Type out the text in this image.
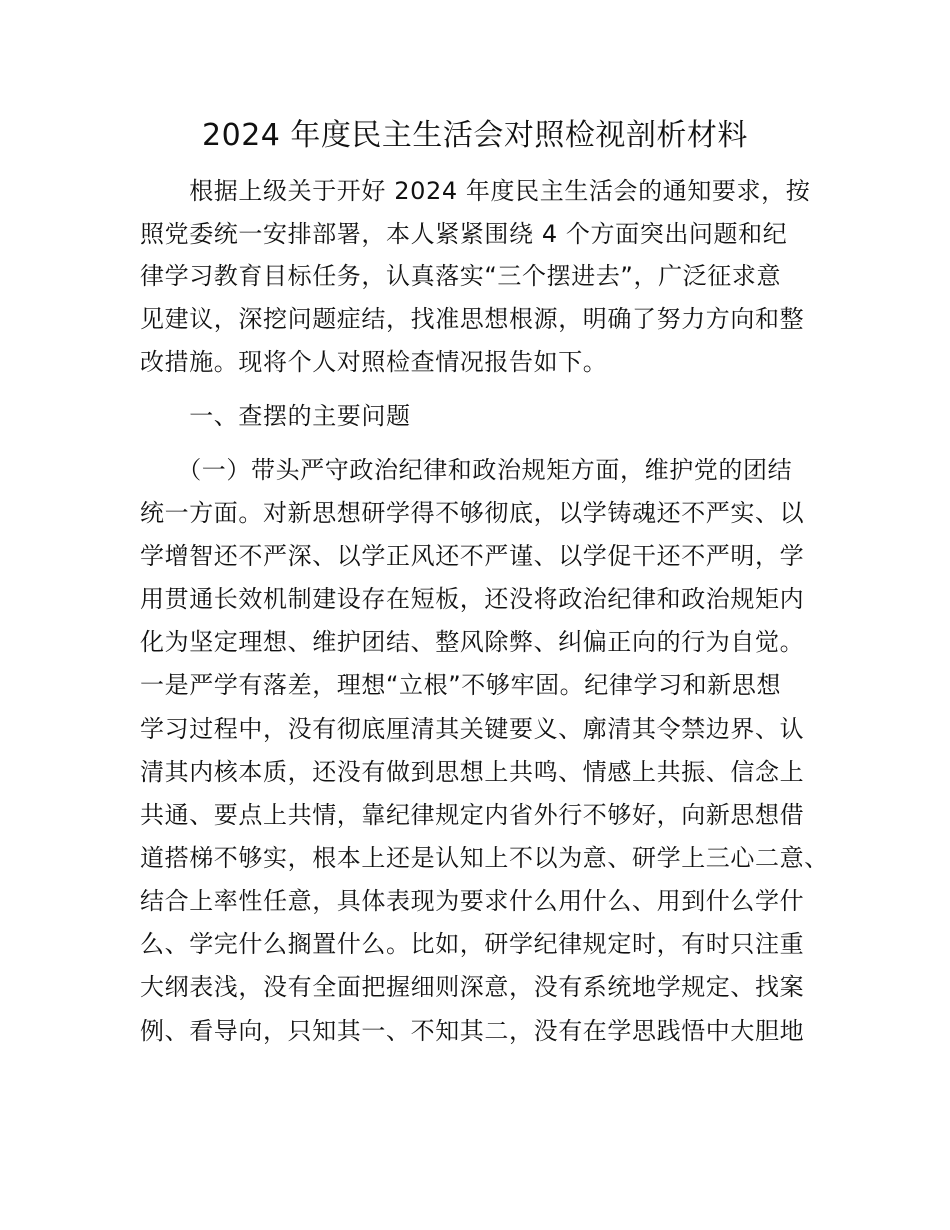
2024 年度民主生活会对照检视剖析材料
　　根据上级关于开好 2024 年度民主生活会的通知要求，按
照党委统一安排部署，本人紧紧围绕 4 个方面突出问题和纪
律学习教育目标任务，认真落实“三个摆进去”，广泛征求意
见建议，深挖问题症结，找准思想根源，明确了努力方向和整
改措施。现将个人对照检查情况报告如下。
　　一、查摆的主要问题
　　（一）带头严守政治纪律和政治规矩方面，维护党的团结
统一方面。对新思想研学得不够彻底，以学铸魂还不严实、以
学增智还不严深、以学正风还不严谨、以学促干还不严明，学
用贯通长效机制建设存在短板，还没将政治纪律和政治规矩内
化为坚定理想、维护团结、整风除弊、纠偏正向的行为自觉。
一是严学有落差，理想“立根”不够牢固。纪律学习和新思想
学习过程中，没有彻底厘清其关键要义、廓清其令禁边界、认
清其内核本质，还没有做到思想上共鸣、情感上共振、信念上
共通、要点上共情，靠纪律规定内省外行不够好，向新思想借
道搭梯不够实，根本上还是认知上不以为意、研学上三心二意、
结合上率性任意，具体表现为要求什么用什么、用到什么学什
么、学完什么搁置什么。比如，研学纪律规定时，有时只注重
大纲表浅，没有全面把握细则深意，没有系统地学规定、找案
例、看导向，只知其一、不知其二，没有在学思践悟中大胆地
